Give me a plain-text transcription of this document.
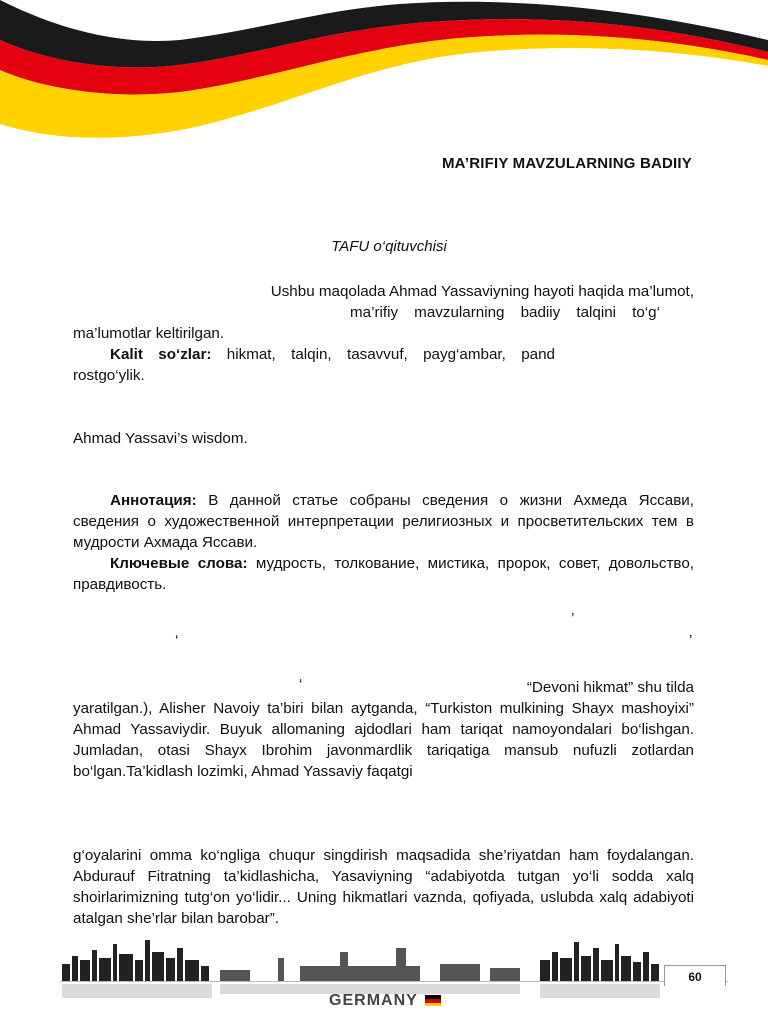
MA’RIFIY MAVZULARNING BADIIY
TAFU o‘qituvchisi
Ushbu maqolada Ahmad Yassaviyning hayoti haqida ma’lumot,
ma’rifiy mavzularning badiiy talqini to‘g‘
ma’lumotlar keltirilgan.
Kalit so‘zlar: hikmat, talqin, tasavvuf, payg‘ambar, pand
rostgo‘ylik.
Ahmad Yassavi’s wisdom.
Аннотация: В данной статье собраны сведения о жизни Ахмеда Яссави, сведения о художественной интерпретации религиозных и просветительских тем в мудрости Ахмада Яссави.
Ключевые слова: мудрость, толкование, мистика, пророк, совет, довольство, правдивость.
’
‘	’
‘	“Devoni hikmat” shu tilda
yaratilgan.), Alisher Navoiy ta’biri bilan aytganda, “Turkiston mulkining Shayx mashoyixi” Ahmad Yassaviydir. Buyuk allomaning ajdodlari ham tariqat namoyondalari bo‘lishgan. Jumladan, otasi Shayx Ibrohim javonmardlik tariqatiga mansub nufuzli zotlardan bo‘lgan.Ta’kidlash lozimki, Ahmad Yassaviy faqatgi
g‘oyalarini omma ko‘ngliga chuqur singdirish maqsadida she’riyatdan ham foydalangan. Abdurauf Fitratning ta’kidlashicha, Yasaviyning “adabiyotda tutgan yo‘li sodda xalq shoirlarimizning tutg‘on yo‘lidir... Uning hikmatlari vaznda, qofiyada, uslubda xalq adabiyoti atalgan she’rlar bilan barobar”.
60
GERMANY
